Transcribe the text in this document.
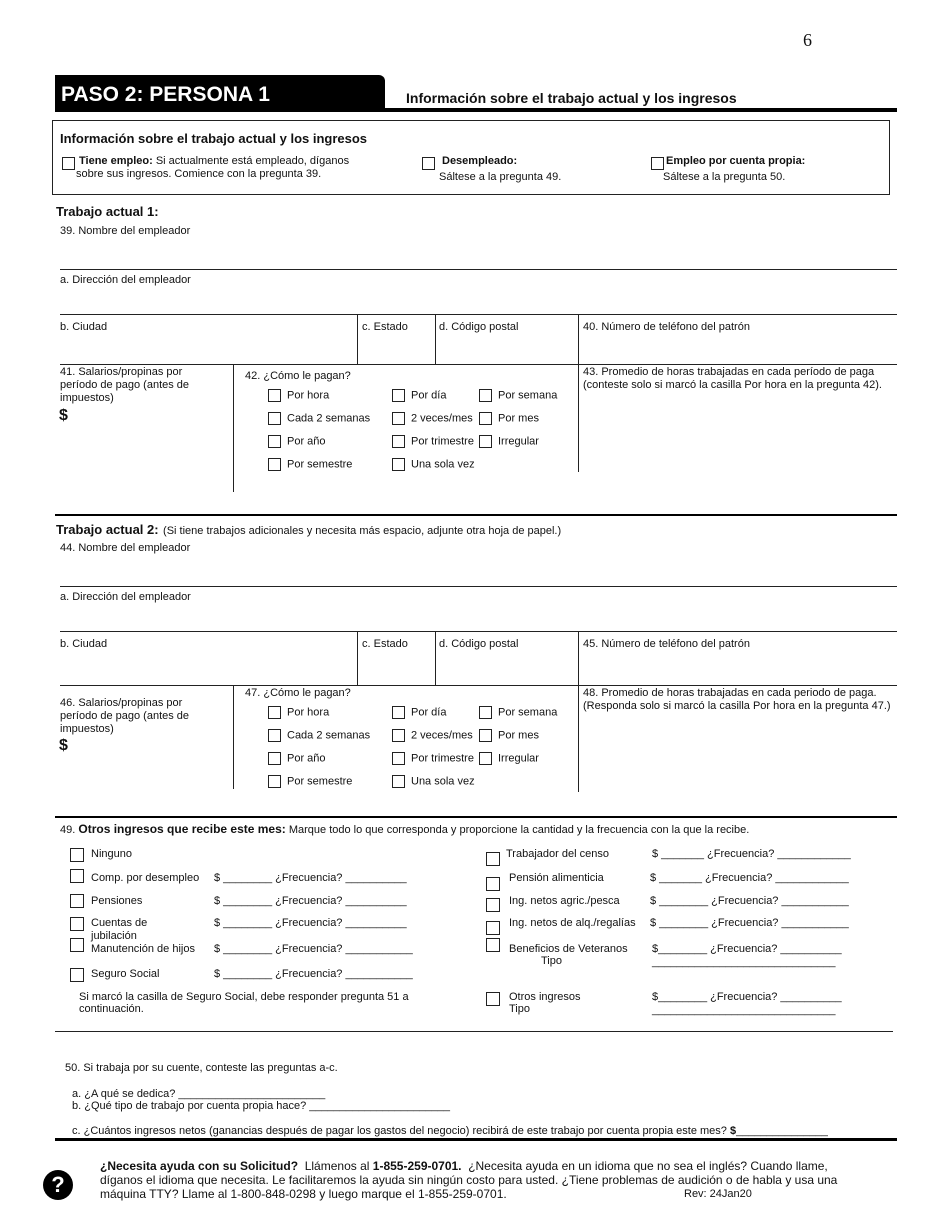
6
PASO 2: PERSONA 1	Información sobre el trabajo actual y los ingresos
Información sobre el trabajo actual y los ingresos
Tiene empleo: Si actualmente está empleado, díganos
sobre sus ingresos. Comience con la pregunta 39.
Desempleado:
Sáltese a la pregunta 49.
Empleo por cuenta propia:
Sáltese a la pregunta 50.
Trabajo actual 1:
39. Nombre del empleador
a. Dirección del empleador
b. Ciudad	c. Estado	d. Código postal	40. Número de teléfono del patrón
41. Salarios/propinas por
período de pago (antes de
impuestos)
$
42. ¿Cómo le pagan?
Por hora
Cada 2 semanas
Por año
Por semestre
Por día
2 veces/mes
Por trimestre
Una sola vez
Por semana
Por mes
Irregular
43. Promedio de horas trabajadas en cada período de paga
(conteste solo si marcó la casilla Por hora en la pregunta 42).
Trabajo actual 2: (Si tiene trabajos adicionales y necesita más espacio, adjunte otra hoja de papel.)
44. Nombre del empleador
a. Dirección del empleador
b. Ciudad	c. Estado	d. Código postal	45. Número de teléfono del patrón
46. Salarios/propinas por
período de pago (antes de
impuestos)
$
47. ¿Cómo le pagan?
Por hora
Cada 2 semanas
Por año
Por semestre
Por día
2 veces/mes
Por trimestre
Una sola vez
Por semana
Por mes
Irregular
48. Promedio de horas trabajadas en cada periodo de paga.
(Responda solo si marcó la casilla Por hora en la pregunta 47.)
49. Otros ingresos que recibe este mes: Marque todo lo que corresponda y proporcione la cantidad y la frecuencia con la que la recibe.
Ninguno
Comp. por desempleo $ ________ ¿Frecuencia? __________
Pensiones	$ ________ ¿Frecuencia? __________
Cuentas de
jubilación
$ ________ ¿Frecuencia? __________
Manutención de hijos $ ________ ¿Frecuencia? ___________
Seguro Social	$ ________ ¿Frecuencia? ___________
Si marcó la casilla de Seguro Social, debe responder pregunta 51 a
continuación.
Trabajador del censo	$ _______ ¿Frecuencia? ____________
Pensión alimenticia	$ _______ ¿Frecuencia? ____________
Ing. netos agric./pesca	$ ________ ¿Frecuencia? ___________
Ing. netos de alq./regalías $ ________ ¿Frecuencia? ___________
Beneficios de Veteranos
Tipo
$________ ¿Frecuencia? __________
______________________________
Otros ingresos
Tipo
$________ ¿Frecuencia? __________
______________________________
50. Si trabaja por su cuente, conteste las preguntas a-c.
a. ¿A qué se dedica? ________________________
b. ¿Qué tipo de trabajo por cuenta propia hace? _______________________
c. ¿Cuántos ingresos netos (ganancias después de pagar los gastos del negocio) recibirá de este trabajo por cuenta propia este mes? $_______________
?
¿Necesita ayuda con su Solicitud? Llámenos al 1-855-259-0701. ¿Necesita ayuda en un idioma que no sea el inglés? Cuando llame,
díganos el idioma que necesita. Le facilitaremos la ayuda sin ningún costo para usted. ¿Tiene problemas de audición o de habla y usa una
máquina TTY? Llame al 1-800-848-0298 y luego marque el 1-855-259-0701.	Rev: 24Jan20
